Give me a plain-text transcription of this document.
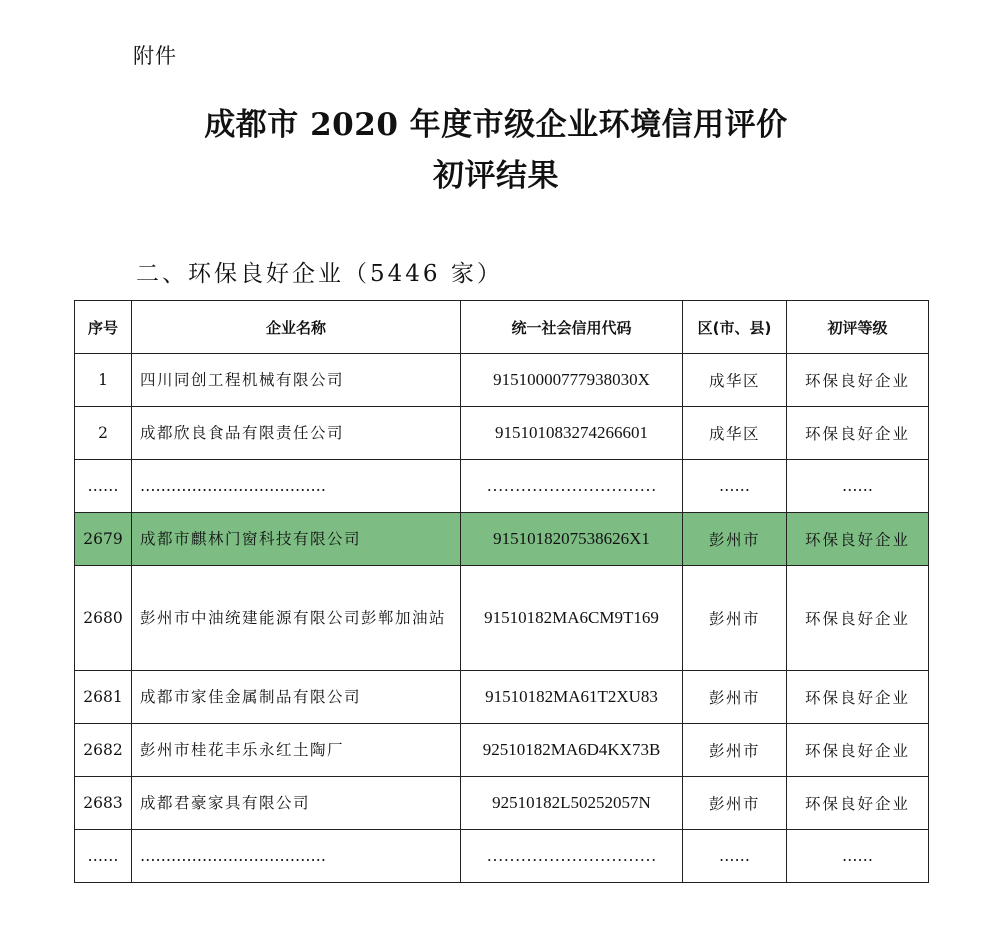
附件
成都市 2020 年度市级企业环境信用评价
初评结果
二、环保良好企业（5446 家）
序号	企业名称	统一社会信用代码	区(市、县)	初评等级
1	四川同创工程机械有限公司	91510000777938030X	成华区	环保良好企业
2	成都欣良食品有限责任公司	915101083274266601	成华区	环保良好企业
……	………………………………	…………………………	……	……
2679	成都市麒林门窗科技有限公司	9151018207538626X1	彭州市	环保良好企业
2680	彭州市中油统建能源有限公司彭郸加油站	91510182MA6CM9T169	彭州市	环保良好企业
2681	成都市家佳金属制品有限公司	91510182MA61T2XU83	彭州市	环保良好企业
2682	彭州市桂花丰乐永红土陶厂	92510182MA6D4KX73B	彭州市	环保良好企业
2683	成都君豪家具有限公司	92510182L50252057N	彭州市	环保良好企业
……	………………………………	…………………………	……	……
